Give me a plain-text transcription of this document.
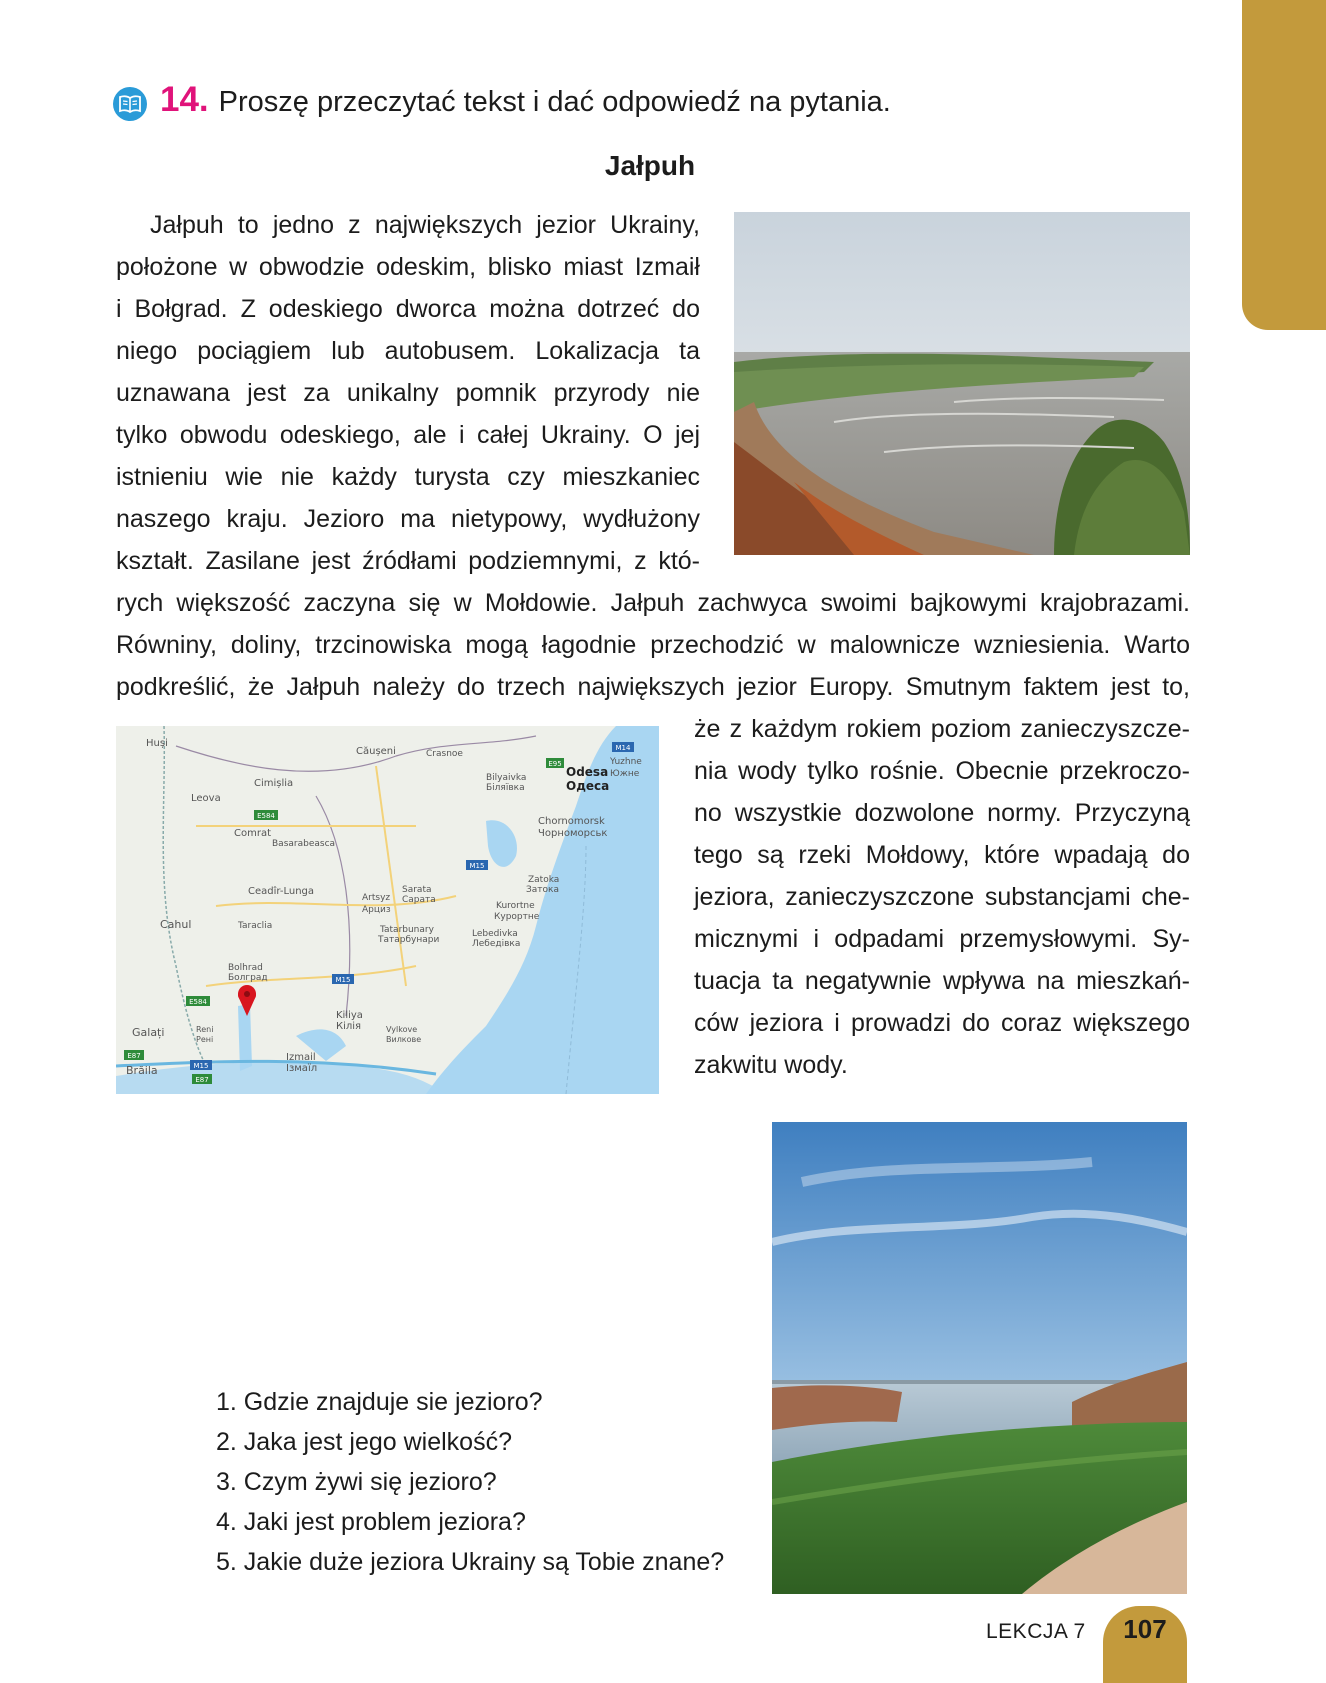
14. Proszę przeczytać tekst i dać odpowiedź na pytania.
Jałpuh
Jałpuh to jedno z największych jezior Ukrainy,
położone w obwodzie odeskim, blisko miast Izmaił
i Bołgrad. Z odeskiego dworca można dotrzeć do
niego pociągiem lub autobusem. Lokalizacja ta
uznawana jest za unikalny pomnik przyrody nie
tylko obwodu odeskiego, ale i całej Ukrainy. O jej
istnieniu wie nie każdy turysta czy mieszkaniec
naszego kraju. Jezioro ma nietypowy, wydłużony
kształt. Zasilane jest źródłami podziemnymi, z któ-
rych większość zaczyna się w Mołdowie. Jałpuh zachwyca swoimi bajkowymi krajobrazami.
Równiny, doliny, trzcinowiska mogą łagodnie przechodzić w malownicze wzniesienia. Warto
podkreślić, że Jałpuh należy do trzech największych jezior Europy. Smutnym faktem jest to,
Huși
Căușeni	Crasnoe
Leova
Cimișlia	Bilyaivka
Біляївка
Odesa
Одеса
Yuzhne
Южне
Comrat
Basarabeasca
Chornomorsk
Чорноморськ
Ceadîr-Lunga
Artsyz
Арциз
Sarata
Сарата
Zatoka
Затока
Kurortne
Курортне
Cahul	Taraclia	Tatarbunary
Татарбунари
Lebedivka
Лебедівка
Bolhrad
Болград
Kiliya
Кілія
Galați	Reni
Рені
Izmail
Ізмаїл
Vylkove
Вилкове
Brăila
M14
E95
E584
M15
M15
E584
M15
E87
E87
że z każdym rokiem poziom zanieczyszcze-
nia wody tylko rośnie. Obecnie przekroczo-
no wszystkie dozwolone normy. Przyczyną
tego są rzeki Mołdowy, które wpadają do
jeziora, zanieczyszczone substancjami che-
micznymi i odpadami przemysłowymi. Sy-
tuacja ta negatywnie wpływa na mieszkań-
ców jeziora i prowadzi do coraz większego
zakwitu wody.
1. Gdzie znajduje sie jezioro?
2. Jaka jest jego wielkość?
3. Czym żywi się jezioro?
4. Jaki jest problem jeziora?
5. Jakie duże jeziora Ukrainy są Tobie znane?
LEKCJA 7 107
